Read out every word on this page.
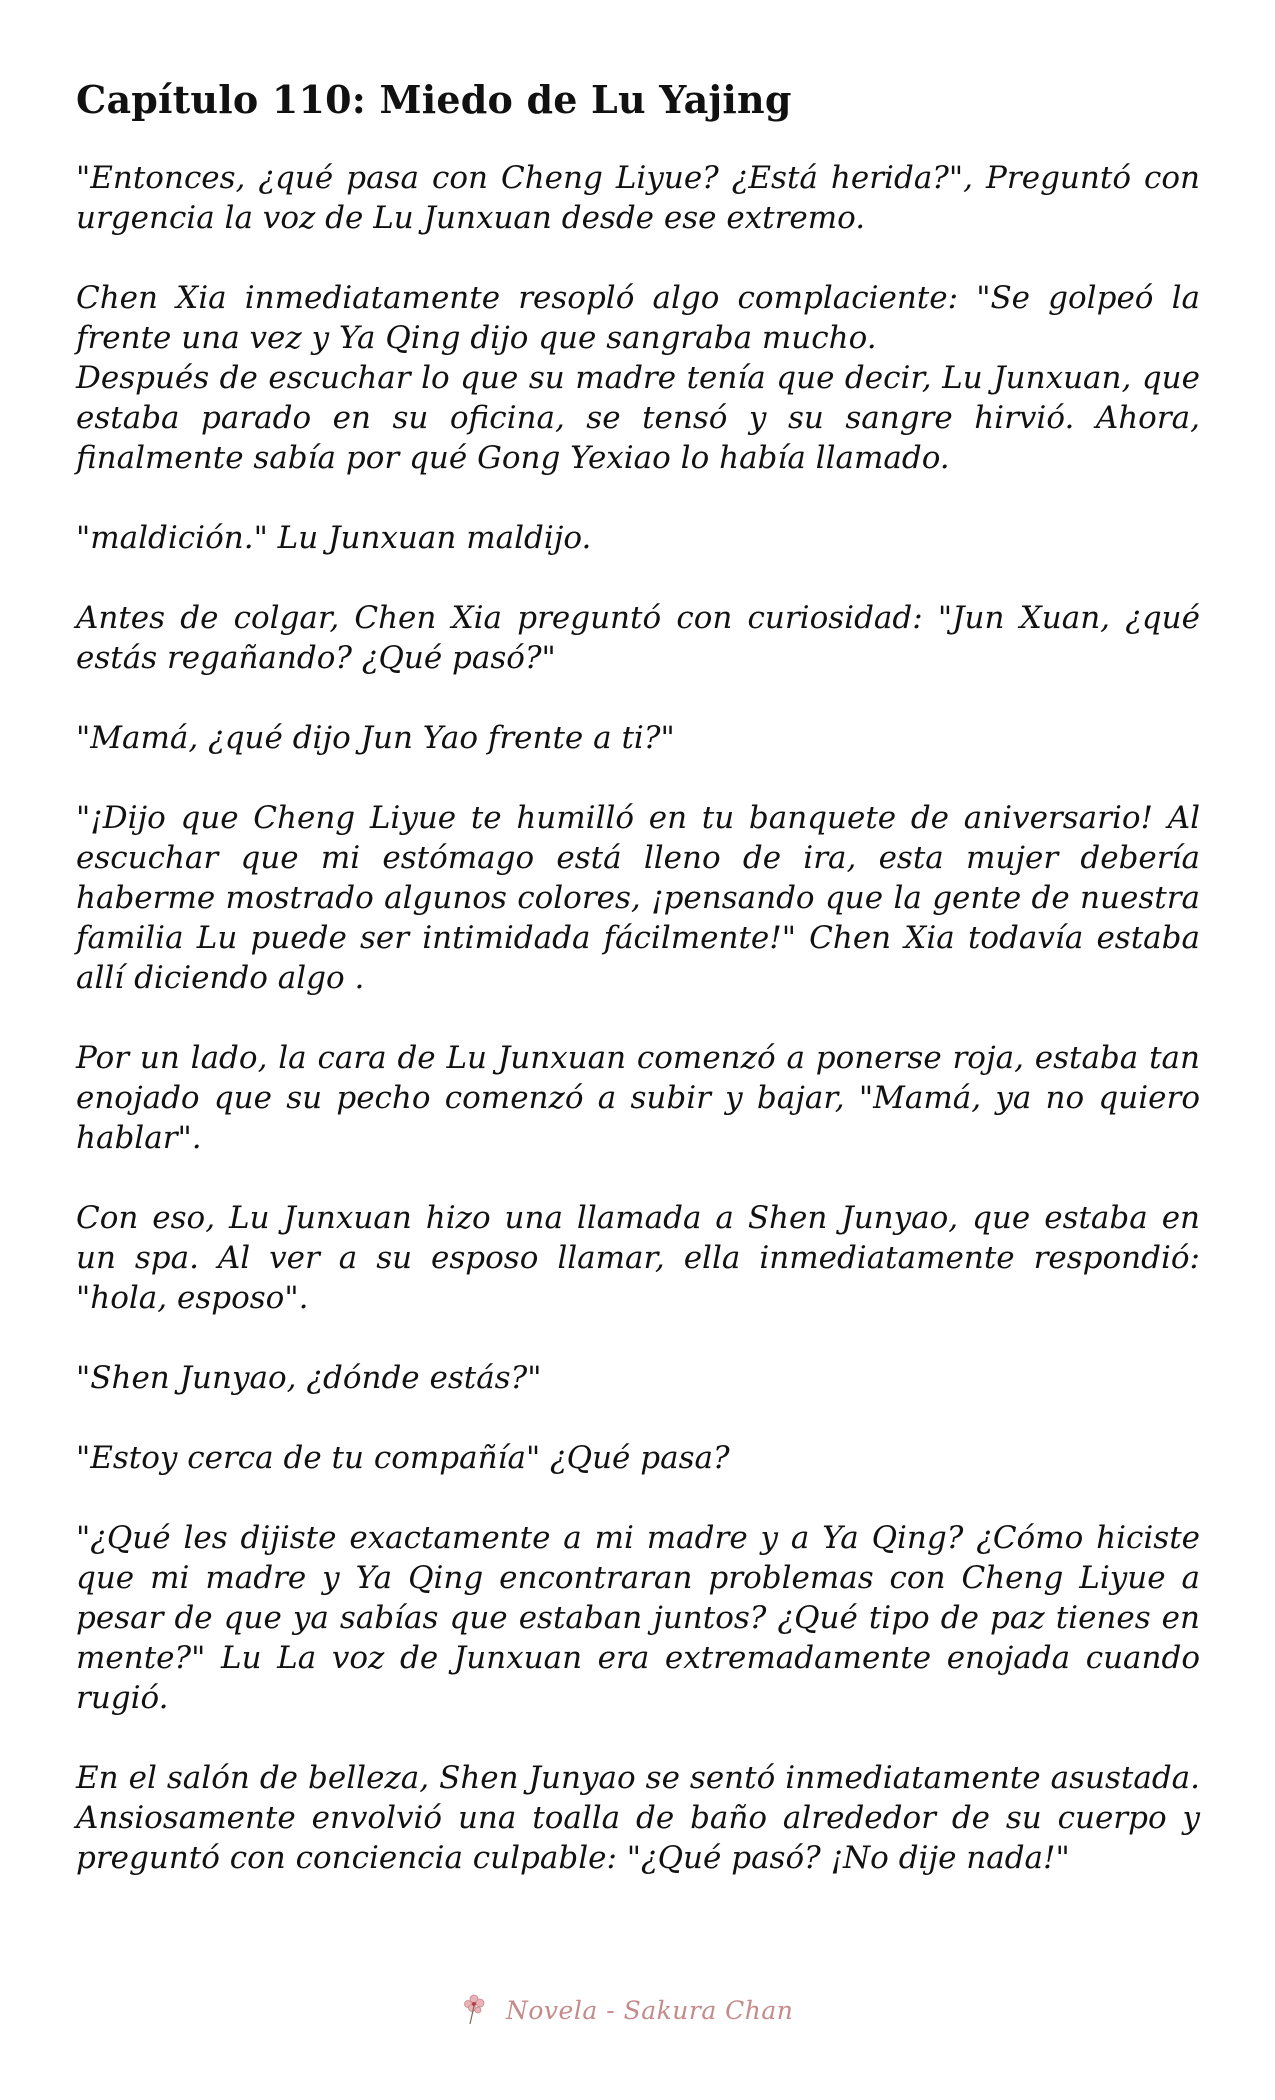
Capítulo 110: Miedo de Lu Yajing

"Entonces, ¿qué pasa con Cheng Liyue? ¿Está herida?", Preguntó con urgencia la voz de Lu Junxuan desde ese extremo.

Chen Xia inmediatamente resopló algo complaciente: "Se golpeó la frente una vez y Ya Qing dijo que sangraba mucho.
Después de escuchar lo que su madre tenía que decir, Lu Junxuan, que estaba parado en su oficina, se tensó y su sangre hirvió. Ahora, finalmente sabía por qué Gong Yexiao lo había llamado.

"maldición." Lu Junxuan maldijo.

Antes de colgar, Chen Xia preguntó con curiosidad: "Jun Xuan, ¿qué estás regañando? ¿Qué pasó?"

"Mamá, ¿qué dijo Jun Yao frente a ti?"

"¡Dijo que Cheng Liyue te humilló en tu banquete de aniversario! Al escuchar que mi estómago está lleno de ira, esta mujer debería haberme mostrado algunos colores, ¡pensando que la gente de nuestra familia Lu puede ser intimidada fácilmente!" Chen Xia todavía estaba allí diciendo algo .

Por un lado, la cara de Lu Junxuan comenzó a ponerse roja, estaba tan enojado que su pecho comenzó a subir y bajar, "Mamá, ya no quiero hablar".

Con eso, Lu Junxuan hizo una llamada a Shen Junyao, que estaba en un spa. Al ver a su esposo llamar, ella inmediatamente respondió: "hola, esposo".

"Shen Junyao, ¿dónde estás?"

"Estoy cerca de tu compañía" ¿Qué pasa?

"¿Qué les dijiste exactamente a mi madre y a Ya Qing? ¿Cómo hiciste que mi madre y Ya Qing encontraran problemas con Cheng Liyue a pesar de que ya sabías que estaban juntos? ¿Qué tipo de paz tienes en mente?" Lu La voz de Junxuan era extremadamente enojada cuando rugió.

En el salón de belleza, Shen Junyao se sentó inmediatamente asustada. Ansiosamente envolvió una toalla de baño alrededor de su cuerpo y preguntó con conciencia culpable: "¿Qué pasó? ¡No dije nada!"

Novela - Sakura Chan
